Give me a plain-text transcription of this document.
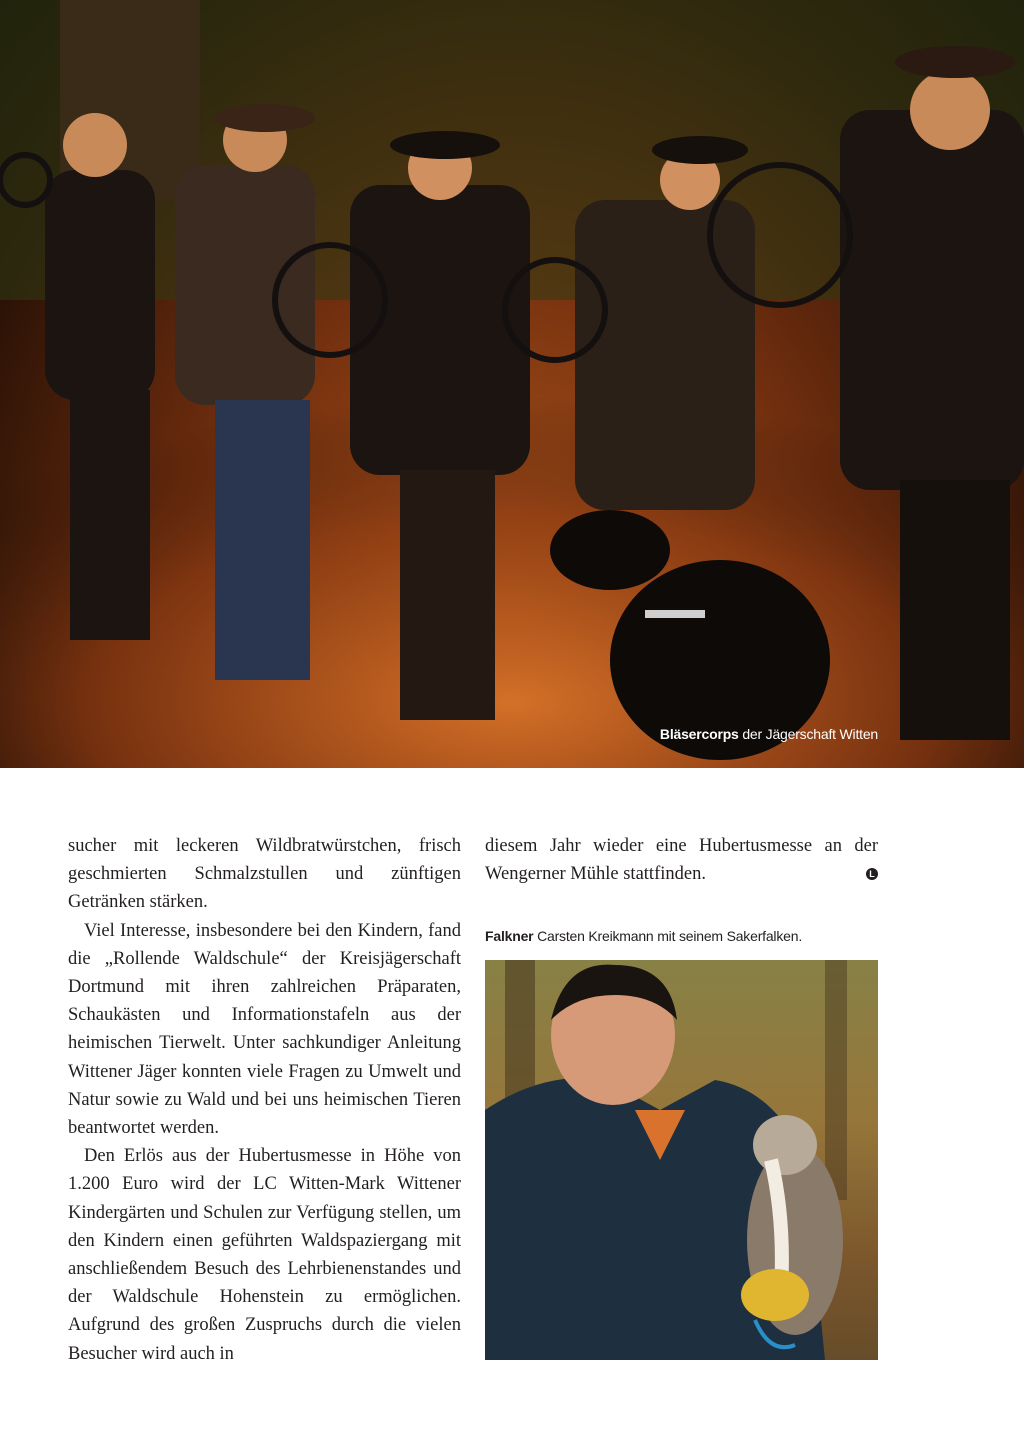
Bläsercorps der Jägerschaft Witten

sucher mit leckeren Wildbratwürstchen, frisch geschmierten Schmalzstullen und zünftigen Getränken stärken.

Viel Interesse, insbesondere bei den Kindern, fand die „Rollende Waldschule“ der Kreisjägerschaft Dortmund mit ihren zahlreichen Präparaten, Schaukästen und Informationstafeln aus der heimischen Tierwelt. Unter sachkundiger Anleitung Wittener Jäger konnten viele Fragen zu Umwelt und Natur sowie zu Wald und bei uns heimischen Tieren beantwortet werden.

Den Erlös aus der Hubertusmesse in Höhe von 1.200 Euro wird der LC Witten-Mark Wittener Kindergärten und Schulen zur Verfügung stellen, um den Kindern einen geführten Waldspaziergang mit anschließendem Besuch des Lehrbienenstandes und der Waldschule Hohenstein zu ermöglichen. Aufgrund des großen Zuspruchs durch die vielen Besucher wird auch in

diesem Jahr wieder eine Hubertusmesse an der Wengerner Mühle stattfinden.	L

Falkner Carsten Kreikmann mit seinem Sakerfalken.
